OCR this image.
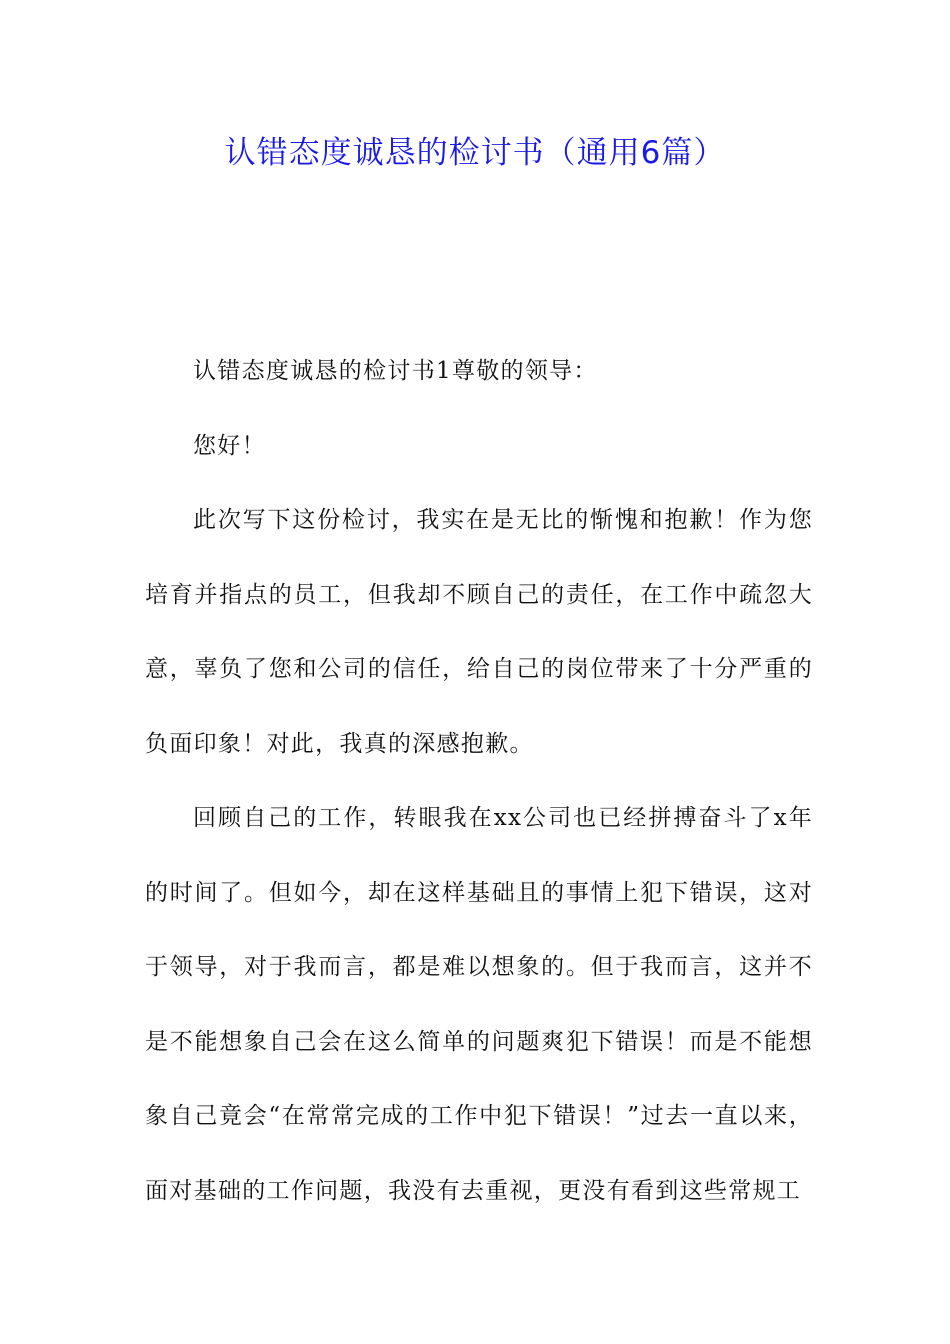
认错态度诚恳的检讨书（通用6篇）

认错态度诚恳的检讨书1尊敬的领导：

您好！

此次写下这份检讨，我实在是无比的惭愧和抱歉！作为您培育并指点的员工，但我却不顾自己的责任，在工作中疏忽大意，辜负了您和公司的信任，给自己的岗位带来了十分严重的负面印象！对此，我真的深感抱歉。

回顾自己的工作，转眼我在xx公司也已经拼搏奋斗了x年的时间了。但如今，却在这样基础且的事情上犯下错误，这对于领导，对于我而言，都是难以想象的。但于我而言，这并不是不能想象自己会在这么简单的问题爽犯下错误！而是不能想象自己竟会“在常常完成的工作中犯下错误！”过去一直以来，面对基础的工作问题，我没有去重视，更没有看到这些常规工
